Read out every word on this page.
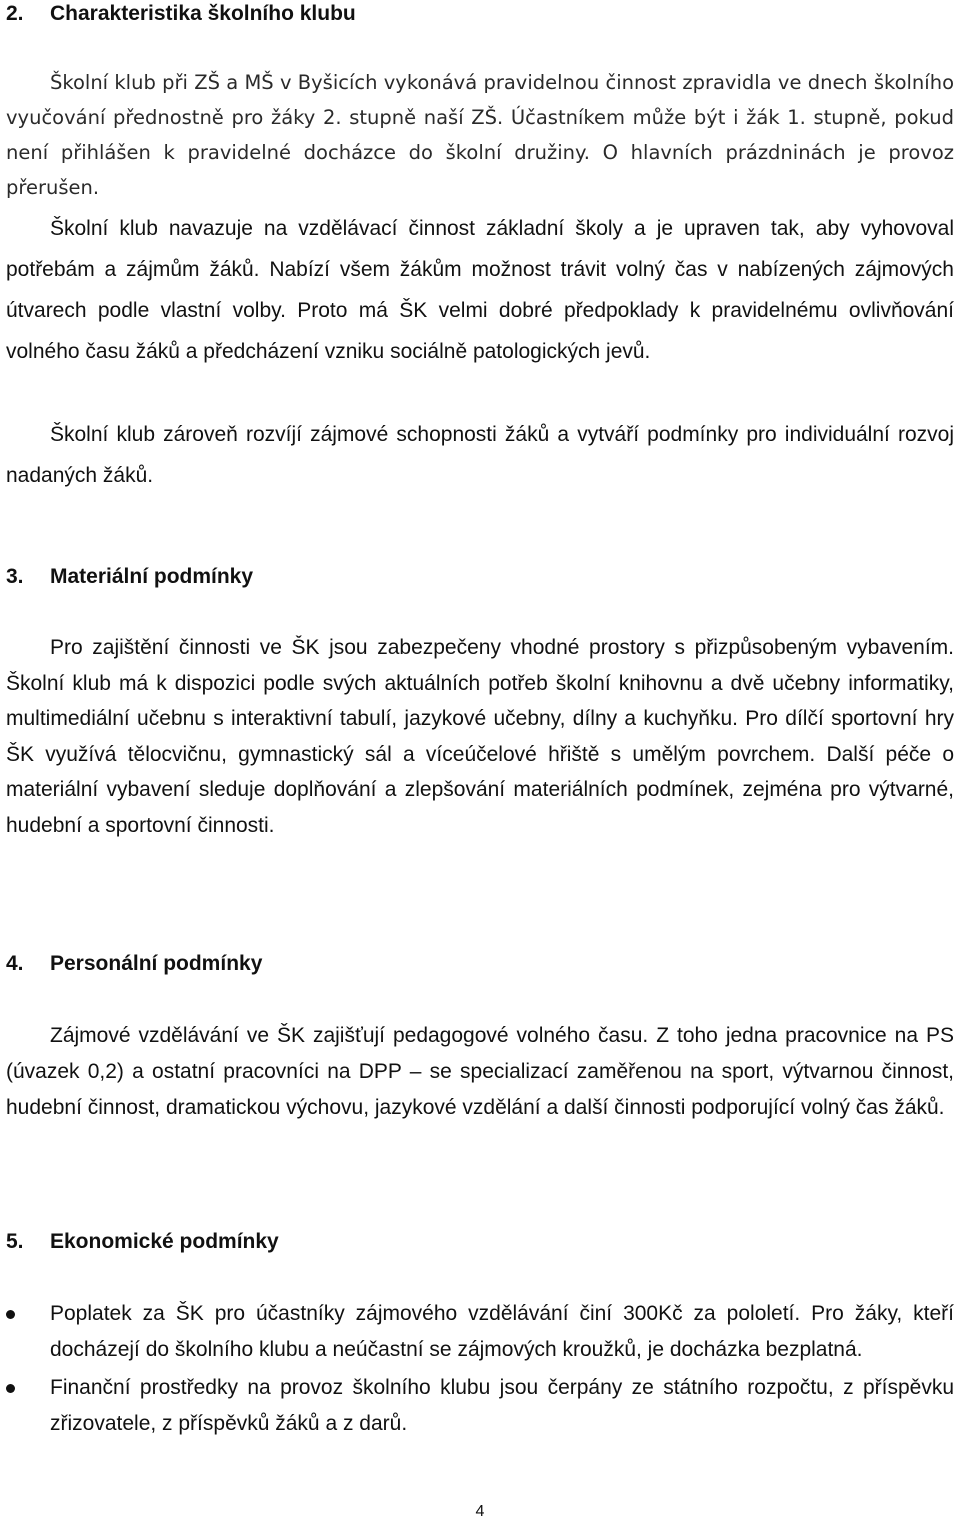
2. Charakteristika školního klubu

Školní klub při ZŠ a MŠ v Byšicích vykonává pravidelnou činnost zpravidla ve dnech školního vyučování přednostně pro žáky 2. stupně naší ZŠ. Účastníkem může být i žák 1. stupně, pokud není přihlášen k pravidelné docházce do školní družiny. O hlavních prázdninách je provoz přerušen.

Školní klub navazuje na vzdělávací činnost základní školy a je upraven tak, aby vyhovoval potřebám a zájmům žáků. Nabízí všem žákům možnost trávit volný čas v nabízených zájmových útvarech podle vlastní volby. Proto má ŠK velmi dobré předpoklady k pravidelnému ovlivňování volného času žáků a předcházení vzniku sociálně patologických jevů.

Školní klub zároveň rozvíjí zájmové schopnosti žáků a vytváří podmínky pro individuální rozvoj nadaných žáků.

3. Materiální podmínky

Pro zajištění činnosti ve ŠK jsou zabezpečeny vhodné prostory s přizpůsobeným vybavením. Školní klub má k dispozici podle svých aktuálních potřeb školní knihovnu a dvě učebny informatiky, multimediální učebnu s interaktivní tabulí, jazykové učebny, dílny a kuchyňku. Pro dílčí sportovní hry ŠK využívá tělocvičnu, gymnastický sál a víceúčelové hřiště s umělým povrchem. Další péče o materiální vybavení sleduje doplňování a zlepšování materiálních podmínek, zejména pro výtvarné, hudební a sportovní činnosti.

4. Personální podmínky

Zájmové vzdělávání ve ŠK zajišťují pedagogové volného času. Z toho jedna pracovnice na PS (úvazek 0,2) a ostatní pracovníci na DPP – se specializací zaměřenou na sport, výtvarnou činnost, hudební činnost, dramatickou výchovu, jazykové vzdělání a další činnosti podporující volný čas žáků.

5. Ekonomické podmínky

Poplatek za ŠK pro účastníky zájmového vzdělávání činí 300Kč za pololetí. Pro žáky, kteří docházejí do školního klubu a neúčastní se zájmových kroužků, je docházka bezplatná.

Finanční prostředky na provoz školního klubu jsou čerpány ze státního rozpočtu, z příspěvku zřizovatele, z příspěvků žáků a z darů.

4
